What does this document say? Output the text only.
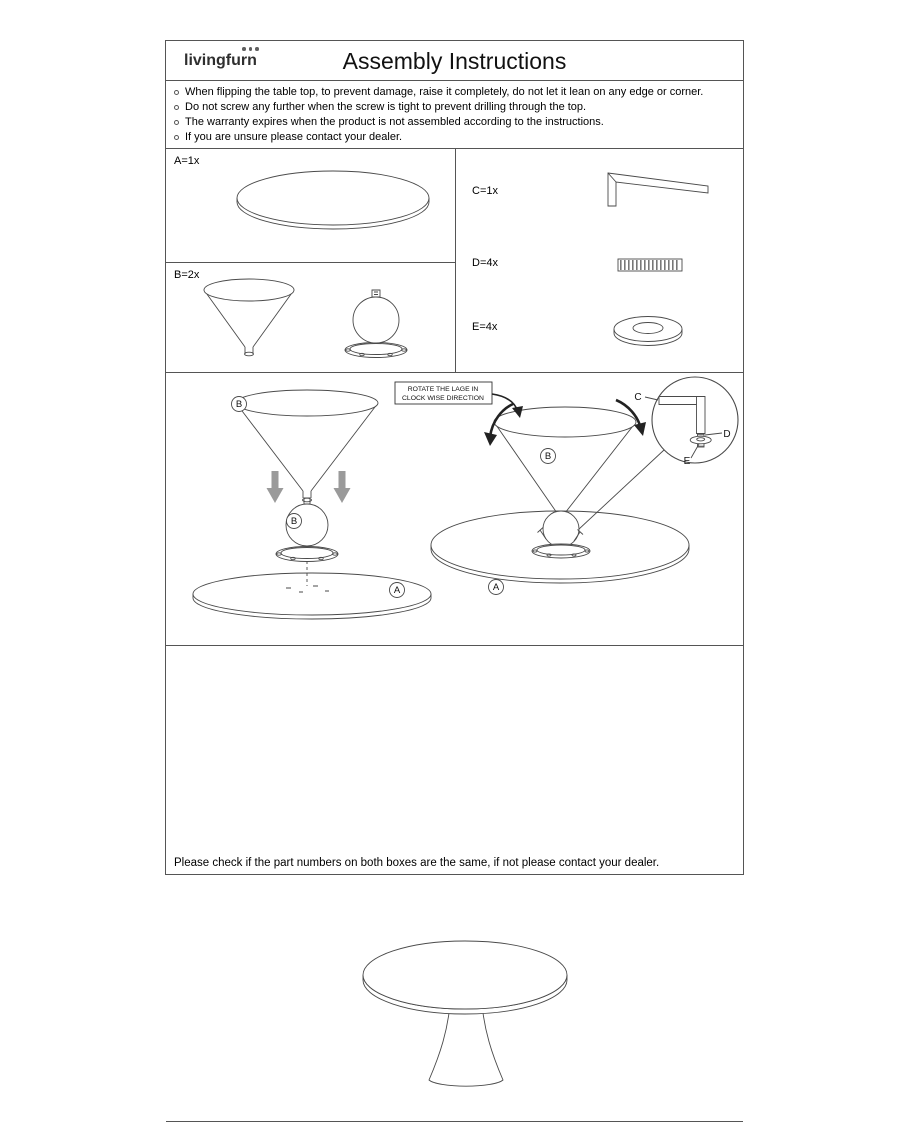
livingfurn	Assembly Instructions
When flipping the table top, to prevent damage, raise it completely, do not let it lean on any edge or corner.
Do not screw any further when the screw is tight to prevent drilling through the top.
The warranty expires when the product is not assembled according to the instructions.
If you are unsure please contact your dealer.
A=1x
B=2x
C=1x
D=4x
E=4x
B
B
A
ROTATE THE LAGE IN
CLOCK WISE DIRECTION
B
A
C
D
E
Please check if the part numbers on both boxes are the same, if not please contact your dealer.
